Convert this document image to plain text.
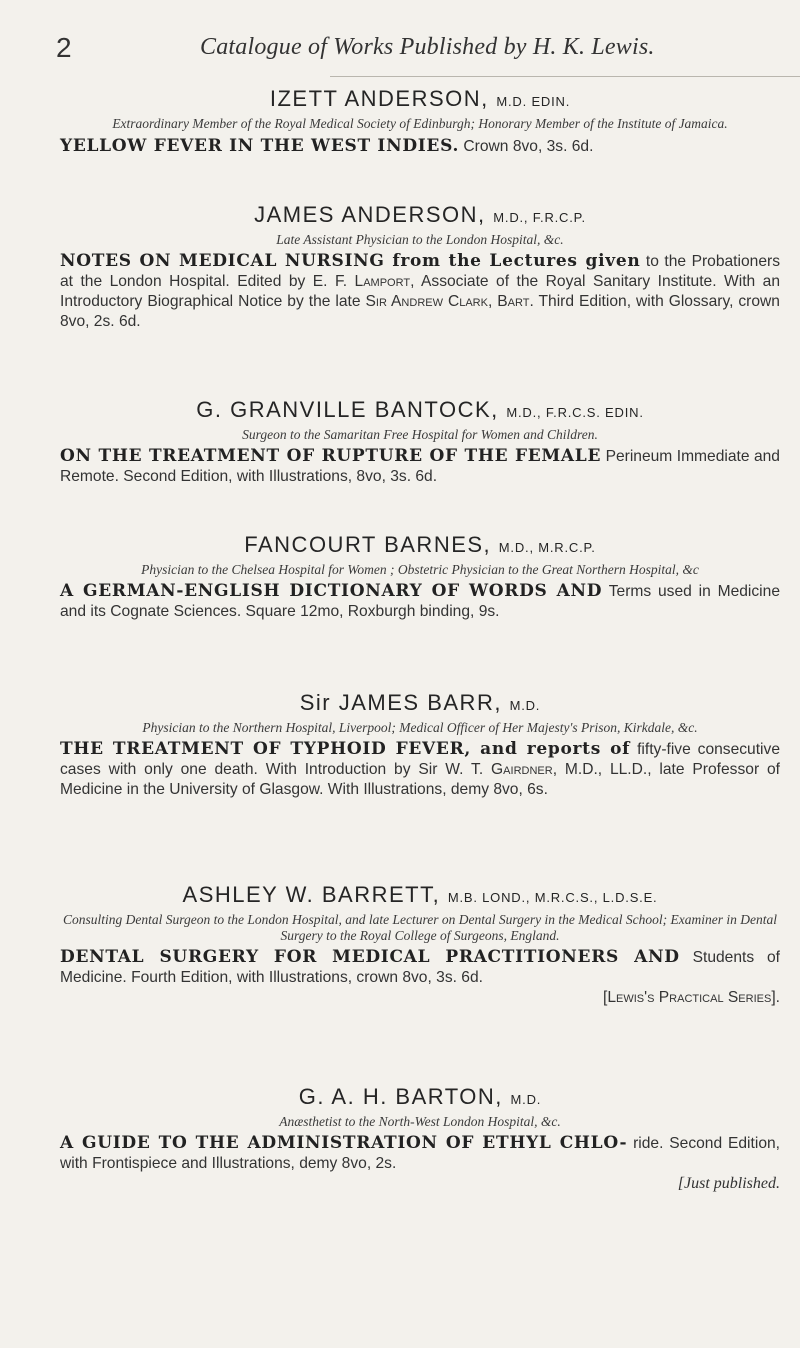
2	Catalogue of Works Published by H. K. Lewis.
IZETT ANDERSON, M.D. EDIN.
Extraordinary Member of the Royal Medical Society of Edinburgh; Honorary Member of the Institute of Jamaica.
YELLOW FEVER IN THE WEST INDIES. Crown 8vo, 3s. 6d.
JAMES ANDERSON, M.D., F.R.C.P.
Late Assistant Physician to the London Hospital, &c.
NOTES ON MEDICAL NURSING from the Lectures given to the Probationers at the London Hospital. Edited by E. F. Lamport, Associate of the Royal Sanitary Institute. With an Introductory Biographical Notice by the late Sir Andrew Clark, Bart. Third Edition, with Glossary, crown 8vo, 2s. 6d.
G. GRANVILLE BANTOCK, M.D., F.R.C.S. EDIN.
Surgeon to the Samaritan Free Hospital for Women and Children.
ON THE TREATMENT OF RUPTURE OF THE FEMALE Perineum Immediate and Remote. Second Edition, with Illustrations, 8vo, 3s. 6d.
FANCOURT BARNES, M.D., M.R.C.P.
Physician to the Chelsea Hospital for Women ; Obstetric Physician to the Great Northern Hospital, &c
A GERMAN-ENGLISH DICTIONARY OF WORDS AND Terms used in Medicine and its Cognate Sciences. Square 12mo, Roxburgh binding, 9s.
Sir JAMES BARR, M.D.
Physician to the Northern Hospital, Liverpool; Medical Officer of Her Majesty's Prison, Kirkdale, &c.
THE TREATMENT OF TYPHOID FEVER, and reports of fifty-five consecutive cases with only one death. With Introduction by Sir W. T. Gairdner, M.D., LL.D., late Professor of Medicine in the University of Glasgow. With Illustrations, demy 8vo, 6s.
ASHLEY W. BARRETT, M.B. LOND., M.R.C.S., L.D.S.E.
Consulting Dental Surgeon to the London Hospital, and late Lecturer on Dental Surgery in the Medical School; Examiner in Dental Surgery to the Royal College of Surgeons, England.
DENTAL SURGERY FOR MEDICAL PRACTITIONERS AND Students of Medicine. Fourth Edition, with Illustrations, crown 8vo, 3s. 6d.
[Lewis's Practical Series].
G. A. H. BARTON, M.D.
Anæsthetist to the North-West London Hospital, &c.
A GUIDE TO THE ADMINISTRATION OF ETHYL CHLO- ride. Second Edition, with Frontispiece and Illustrations, demy 8vo, 2s.
[Just published.
